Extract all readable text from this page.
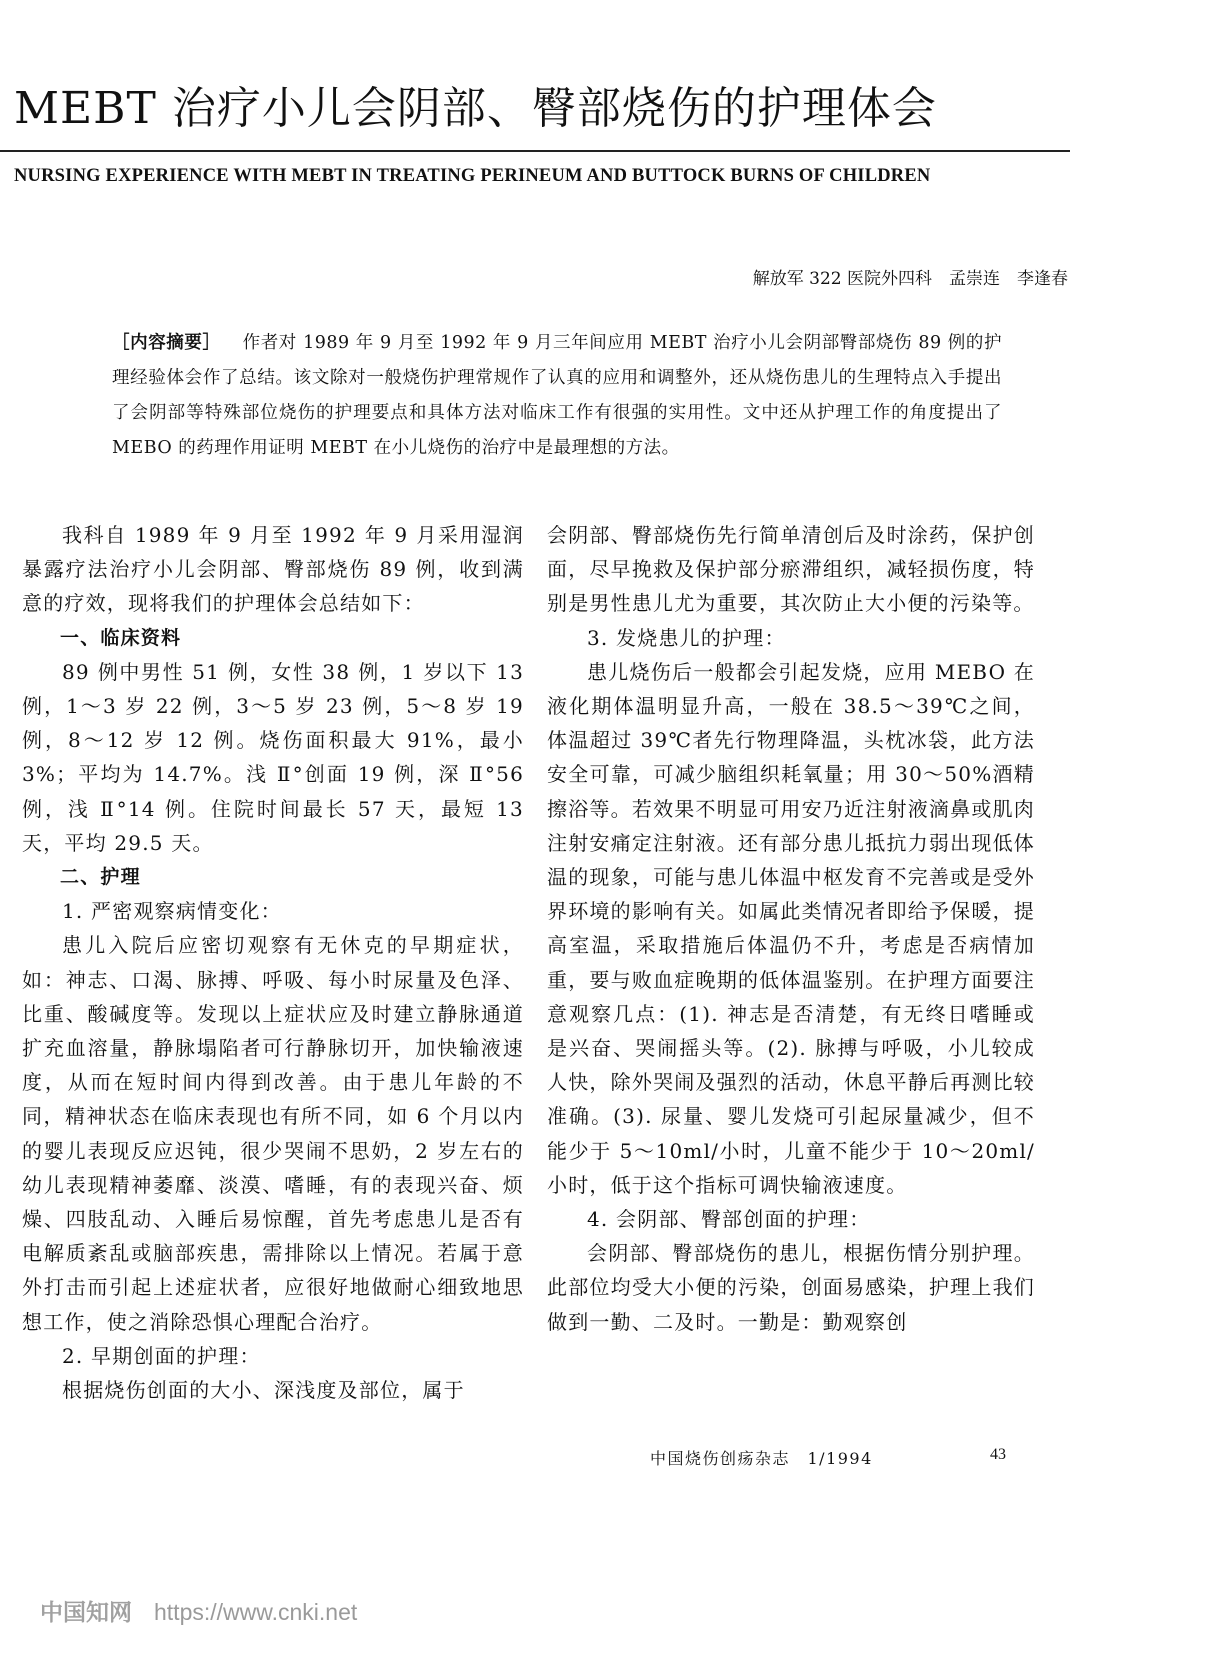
MEBT 治疗小儿会阴部、臀部烧伤的护理体会
NURSING EXPERIENCE WITH MEBT IN TREATING PERINEUM AND BUTTOCK BURNS OF CHILDREN
解放军 322 医院外四科　孟崇连　李逢春
［内容摘要］ 作者对 1989 年 9 月至 1992 年 9 月三年间应用 MEBT 治疗小儿会阴部臀部烧伤 89 例的护理经验体会作了总结。该文除对一般烧伤护理常规作了认真的应用和调整外，还从烧伤患儿的生理特点入手提出了会阴部等特殊部位烧伤的护理要点和具体方法对临床工作有很强的实用性。文中还从护理工作的角度提出了 MEBO 的药理作用证明 MEBT 在小儿烧伤的治疗中是最理想的方法。

我科自 1989 年 9 月至 1992 年 9 月采用湿润暴露疗法治疗小儿会阴部、臀部烧伤 89 例，收到满意的疗效，现将我们的护理体会总结如下：

一、临床资料

89 例中男性 51 例，女性 38 例，1 岁以下 13 例，1～3 岁 22 例，3～5 岁 23 例，5～8 岁 19 例，8～12 岁 12 例。烧伤面积最大 91%，最小 3%；平均为 14.7%。浅 Ⅱ°创面 19 例，深 Ⅱ°56 例，浅 Ⅱ°14 例。住院时间最长 57 天，最短 13 天，平均 29.5 天。

二、护理

1. 严密观察病情变化：

患儿入院后应密切观察有无休克的早期症状，如：神志、口渴、脉搏、呼吸、每小时尿量及色泽、比重、酸碱度等。发现以上症状应及时建立静脉通道扩充血溶量，静脉塌陷者可行静脉切开，加快输液速度，从而在短时间内得到改善。由于患儿年龄的不同，精神状态在临床表现也有所不同，如 6 个月以内的婴儿表现反应迟钝，很少哭闹不思奶，2 岁左右的幼儿表现精神萎靡、淡漠、嗜睡，有的表现兴奋、烦燥、四肢乱动、入睡后易惊醒，首先考虑患儿是否有电解质紊乱或脑部疾患，需排除以上情况。若属于意外打击而引起上述症状者，应很好地做耐心细致地思想工作，使之消除恐惧心理配合治疗。

2. 早期创面的护理：

根据烧伤创面的大小、深浅度及部位，属于

会阴部、臀部烧伤先行简单清创后及时涂药，保护创面，尽早挽救及保护部分瘀滞组织，减轻损伤度，特别是男性患儿尤为重要，其次防止大小便的污染等。

3. 发烧患儿的护理：

患儿烧伤后一般都会引起发烧，应用 MEBO 在液化期体温明显升高，一般在 38.5～39℃之间，体温超过 39℃者先行物理降温，头枕冰袋，此方法安全可靠，可减少脑组织耗氧量；用 30～50%酒精擦浴等。若效果不明显可用安乃近注射液滴鼻或肌肉注射安痛定注射液。还有部分患儿抵抗力弱出现低体温的现象，可能与患儿体温中枢发育不完善或是受外界环境的影响有关。如属此类情况者即给予保暖，提高室温，采取措施后体温仍不升，考虑是否病情加重，要与败血症晚期的低体温鉴别。在护理方面要注意观察几点：(1). 神志是否清楚，有无终日嗜睡或是兴奋、哭闹摇头等。(2). 脉搏与呼吸，小儿较成人快，除外哭闹及强烈的活动，休息平静后再测比较准确。(3). 尿量、婴儿发烧可引起尿量减少，但不能少于 5～10ml/小时，儿童不能少于 10～20ml/小时，低于这个指标可调快输液速度。

4. 会阴部、臀部创面的护理：

会阴部、臀部烧伤的患儿，根据伤情分别护理。此部位均受大小便的污染，创面易感染，护理上我们做到一勤、二及时。一勤是：勤观察创

中国烧伤创疡杂志　1/1994	43
中国知网 https://www.cnki.net
